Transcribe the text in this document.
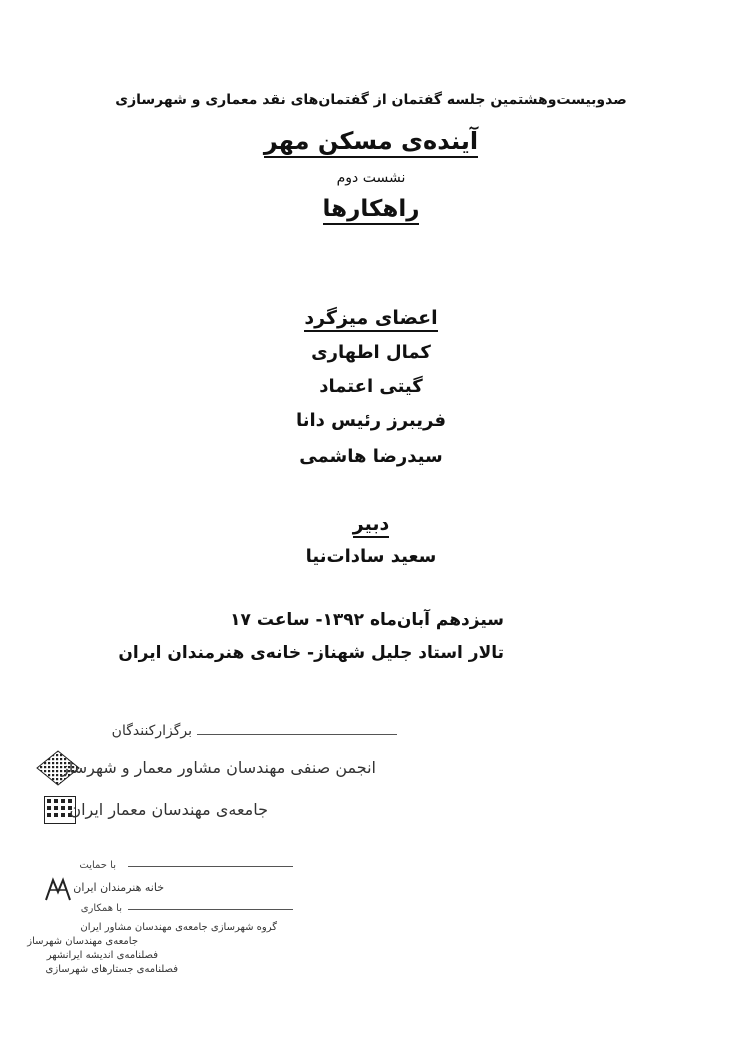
صدوبیست‌وهشتمین جلسه گفتمان از گفتمان‌های نقد معماری و شهرسازی
آینده‌ی مسکن مهر
نشست دوم
راهکارها
اعضای میزگرد
کمال اطهاری
گیتی اعتماد
فریبرز رئیس دانا
سیدرضا هاشمی
دبیر
سعید سادات‌نیا
سیزدهم آبان‌ماه ۱۳۹۲- ساعت ۱۷
تالار استاد جلیل شهناز- خانه‌ی هنرمندان ایران
برگزارکنندگان
انجمن صنفی مهندسان مشاور معمار و شهرساز
جامعه‌ی مهندسان معمار ایران
با حمایت
خانه هنرمندان ایران
با همکاری
گروه شهرسازی جامعه‌ی مهندسان مشاور ایران
جامعه‌ی مهندسان شهرساز
فصلنامه‌ی اندیشه ایرانشهر
فصلنامه‌ی جستارهای شهرسازی
